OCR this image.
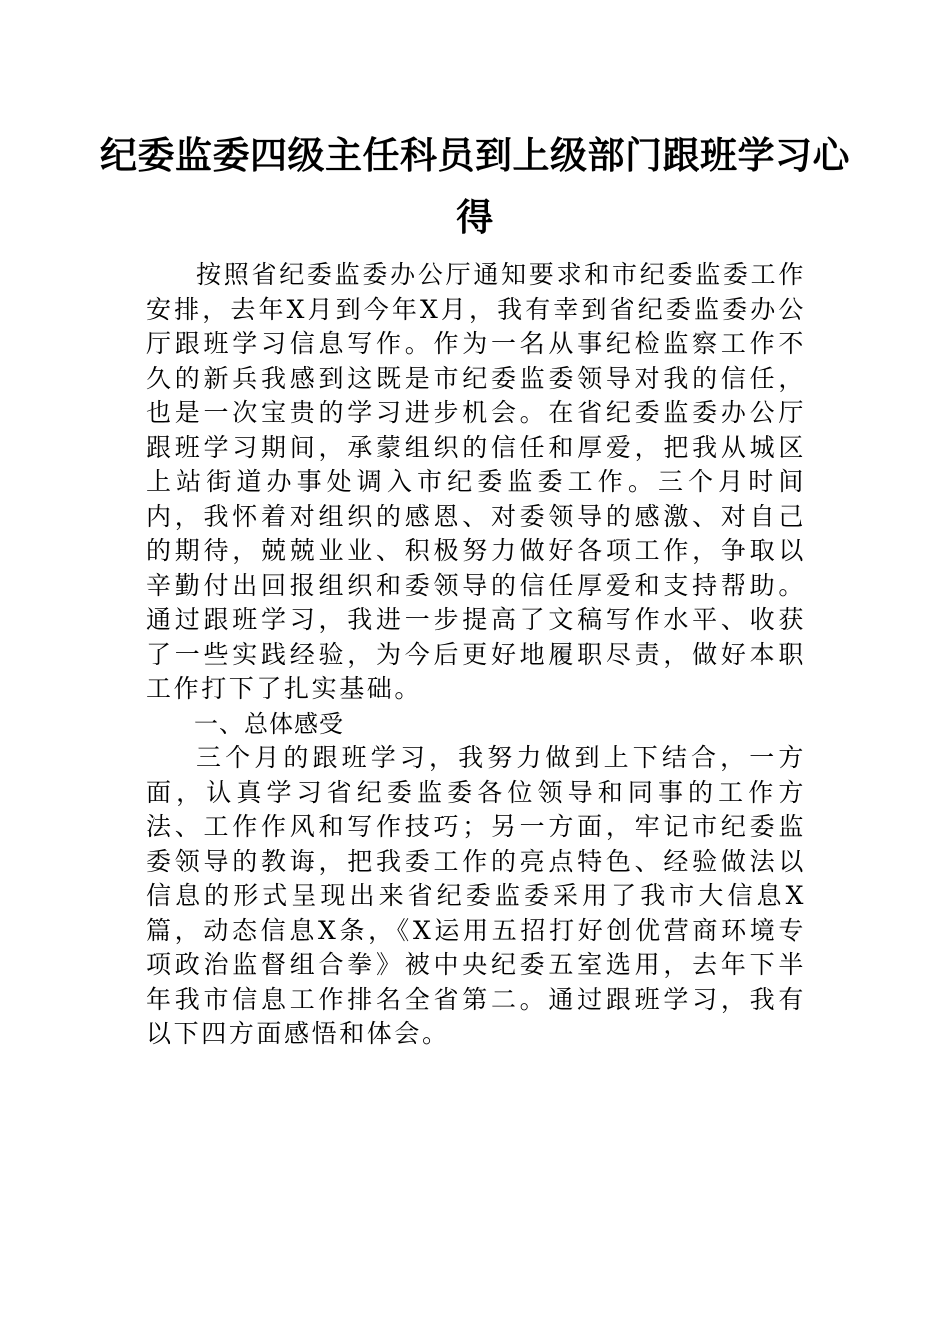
纪委监委四级主任科员到上级部门跟班学习心得

按照省纪委监委办公厅通知要求和市纪委监委工作安排，去年X月到今年X月，我有幸到省纪委监委办公厅跟班学习信息写作。作为一名从事纪检监察工作不久的新兵我感到这既是市纪委监委领导对我的信任，也是一次宝贵的学习进步机会。在省纪委监委办公厅跟班学习期间，承蒙组织的信任和厚爱，把我从城区上站街道办事处调入市纪委监委工作。三个月时间内，我怀着对组织的感恩、对委领导的感激、对自己的期待，兢兢业业、积极努力做好各项工作，争取以辛勤付出回报组织和委领导的信任厚爱和支持帮助。通过跟班学习，我进一步提高了文稿写作水平、收获了一些实践经验，为今后更好地履职尽责，做好本职工作打下了扎实基础。

一、总体感受

三个月的跟班学习，我努力做到上下结合，一方面，认真学习省纪委监委各位领导和同事的工作方法、工作作风和写作技巧；另一方面，牢记市纪委监委领导的教诲，把我委工作的亮点特色、经验做法以信息的形式呈现出来省纪委监委采用了我市大信息X篇，动态信息X条，《X运用五招打好创优营商环境专项政治监督组合拳》被中央纪委五室选用，去年下半年我市信息工作排名全省第二。通过跟班学习，我有以下四方面感悟和体会。
